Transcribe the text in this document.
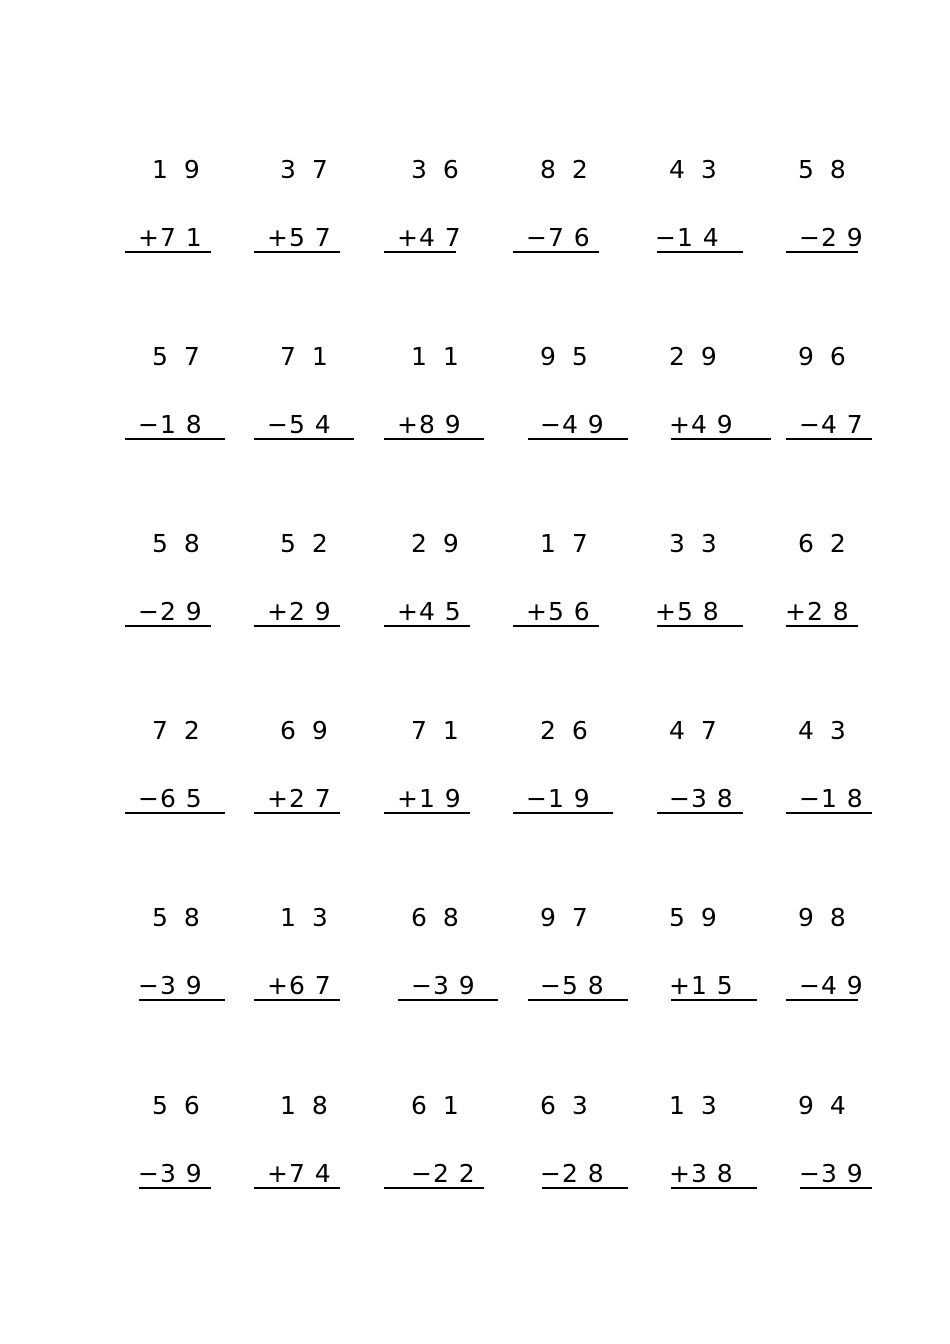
1 9
+7 1
3 7
+5 7
3 6
+4 7
8 2
−7 6
4 3
−1 4
5 8
−2 9
5 7
−1 8
7 1
−5 4
1 1
+8 9
9 5
−4 9
2 9
+4 9
9 6
−4 7
5 8
−2 9
5 2
+2 9
2 9
+4 5
1 7
+5 6
3 3
+5 8
6 2
+2 8
7 2
−6 5
6 9
+2 7
7 1
+1 9
2 6
−1 9
4 7
−3 8
4 3
−1 8
5 8
−3 9
1 3
+6 7
6 8
−3 9
9 7
−5 8
5 9
+1 5
9 8
−4 9
5 6
−3 9
1 8
+7 4
6 1
−2 2
6 3
−2 8
1 3
+3 8
9 4
−3 9
